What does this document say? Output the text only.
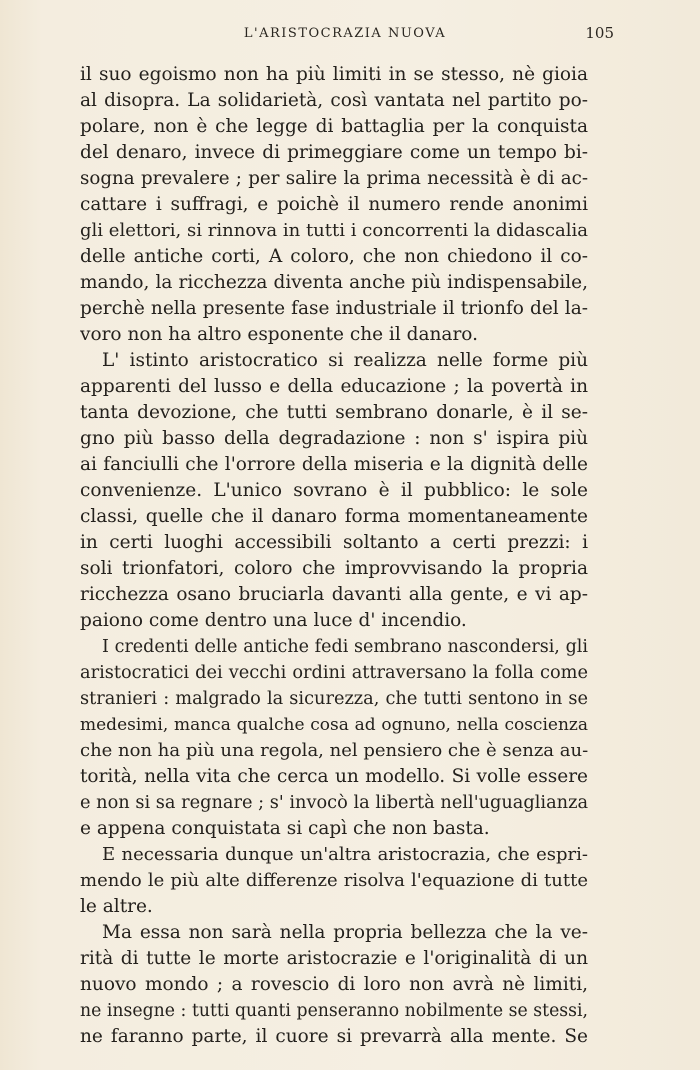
L'ARISTOCRAZIA NUOVA	105
il suo egoismo non ha più limiti in se stesso, nè gioia
al disopra. La solidarietà, così vantata nel partito po-
polare, non è che legge di battaglia per la conquista
del denaro, invece di primeggiare come un tempo bi-
sogna prevalere ; per salire la prima necessità è di ac-
cattare i suffragi, e poichè il numero rende anonimi
gli elettori, si rinnova in tutti i concorrenti la didascalia
delle antiche corti, A coloro, che non chiedono il co-
mando, la ricchezza diventa anche più indispensabile,
perchè nella presente fase industriale il trionfo del la-
voro non ha altro esponente che il danaro.
L' istinto aristocratico si realizza nelle forme più
apparenti del lusso e della educazione ; la povertà in
tanta devozione, che tutti sembrano donarle, è il se-
gno più basso della degradazione : non s' ispira più
ai fanciulli che l'orrore della miseria e la dignità delle
convenienze. L'unico sovrano è il pubblico: le sole
classi, quelle che il danaro forma momentaneamente
in certi luoghi accessibili soltanto a certi prezzi: i
soli trionfatori, coloro che improvvisando la propria
ricchezza osano bruciarla davanti alla gente, e vi ap-
paiono come dentro una luce d' incendio.
I credenti delle antiche fedi sembrano nascondersi, gli
aristocratici dei vecchi ordini attraversano la folla come
stranieri : malgrado la sicurezza, che tutti sentono in se
medesimi, manca qualche cosa ad ognuno, nella coscienza
che non ha più una regola, nel pensiero che è senza au-
torità, nella vita che cerca un modello. Si volle essere
e non si sa regnare ; s' invocò la libertà nell'uguaglianza
e appena conquistata si capì che non basta.
E necessaria dunque un'altra aristocrazia, che espri-
mendo le più alte differenze risolva l'equazione di tutte
le altre.
Ma essa non sarà nella propria bellezza che la ve-
rità di tutte le morte aristocrazie e l'originalità di un
nuovo mondo ; a rovescio di loro non avrà nè limiti,
ne insegne : tutti quanti penseranno nobilmente se stessi,
ne faranno parte, il cuore si prevarrà alla mente. Se
